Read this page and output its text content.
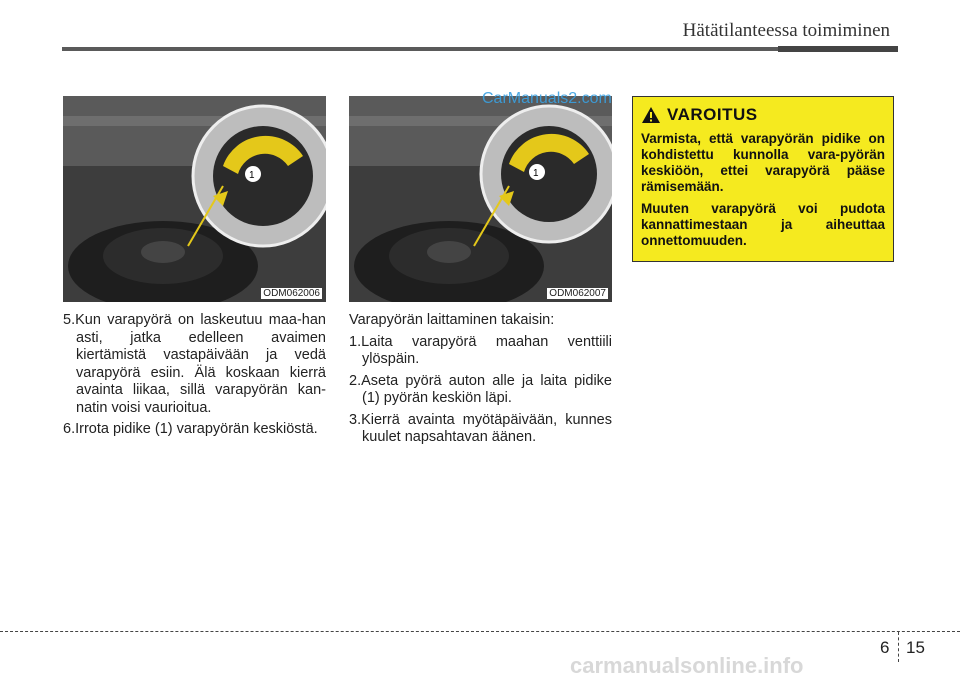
Hätätilanteessa toimiminen
1
ODM062006
1
ODM062007
CarManuals2.com

5.Kun varapyörä on laskeutuu maa-han asti, jatka edelleen avaimen kiertämistä vastapäivään ja vedä varapyörä esiin. Älä koskaan kierrä avainta liikaa, sillä varapyörän kan-natin voisi vaurioitua.

6.Irrota pidike (1) varapyörän keskiöstä.

Varapyörän laittaminen takaisin:

1.Laita varapyörä maahan venttiili ylöspäin.

2.Aseta pyörä auton alle ja laita pidike (1) pyörän keskiön läpi.

3.Kierrä avainta myötäpäivään, kunnes kuulet napsahtavan äänen.

VAROITUS

Varmista, että varapyörän pidike on kohdistettu kunnolla vara-pyörän keskiöön, ettei varapyörä pääse rämisemään.

Muuten varapyörä voi pudota kannattimestaan ja aiheuttaa onnettomuuden.

6 15
carmanualsonline.info
